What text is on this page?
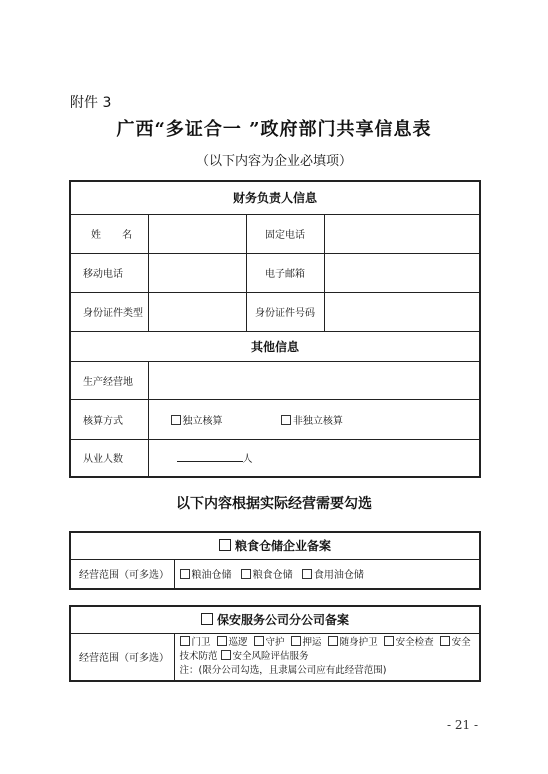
附件 3
广西“多证合一 ”政府部门共享信息表
（以下内容为企业必填项）
财务负责人信息			
姓 名		固定电话	
移动电话		电子邮箱	
身份证件类型		身份证件号码	
其他信息			
生产经营地			
核算方式	独立核算 非独立核算		
从业人数	人		
以下内容根据实际经营需要勾选
粮食仓储企业备案
经营范围（可多选）	粮油仓储 粮食仓储 食用油仓储
保安服务公司分公司备案
经营范围（可多选）	门卫 巡逻 守护 押运 随身护卫 安全检查 安全技术防范 安全风险评估服务
注：(限分公司勾选，且隶属公司应有此经营范围)
- 21 -
